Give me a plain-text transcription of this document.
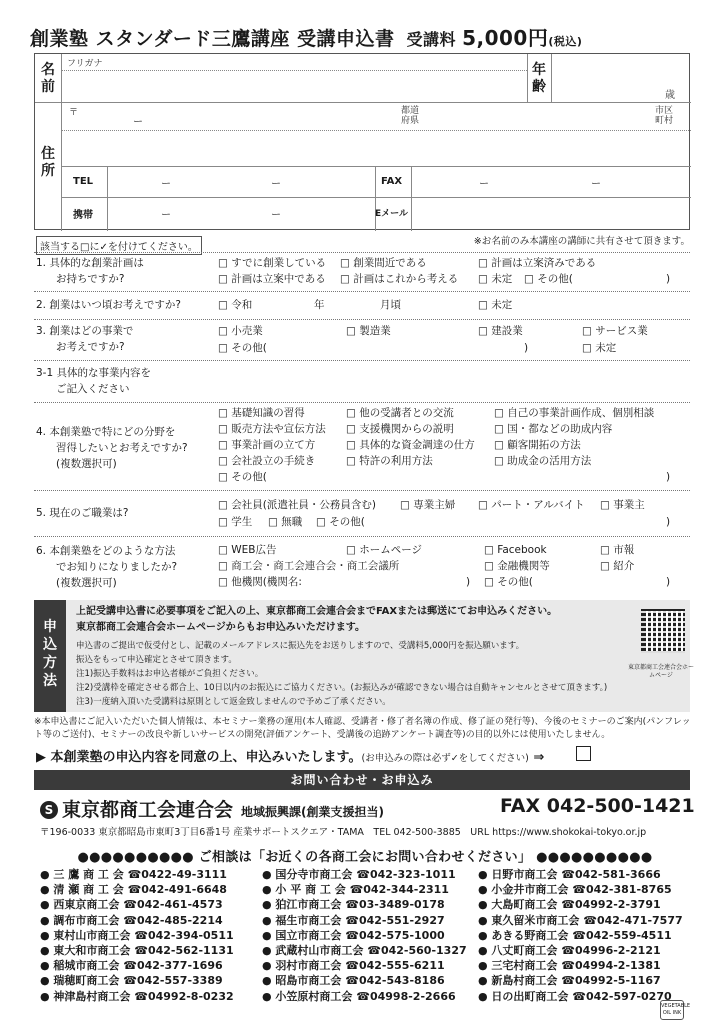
創業塾 スタンダード三鷹講座 受講申込書 受講料 5,000円(税込)
名前
フリガナ	年齢
歳
住所
〒
ー
都道府県
市区町村
TEL	ー	ー	FAX	ー	ー
携帯	ー	ー	Eメール
該当する□に✓を付けてください。
※お名前のみ本講座の講師に共有させて頂きます。
1. 具体的な創業計画は
お持ちですか?
□ すでに創業している □ 創業間近である	□ 計画は立案済みである
□ 計画は立案中である □ 計画はこれから考える □ 未定 □ その他(	)
2. 創業はいつ頃お考えですか?	□ 令和	年	月頃	□ 未定
3. 創業はどの事業で
お考えですか?
□ 小売業	□ 製造業	□ 建設業	□ サービス業
□ その他(	)	□ 未定
3-1 具体的な事業内容を
ご記入ください
4. 本創業塾で特にどの分野を
習得したいとお考えですか?
(複数選択可)
□ 基礎知識の習得	□ 他の受講者との交流	□ 自己の事業計画作成、個別相談
□ 販売方法や宣伝方法 □ 支援機関からの説明	□ 国・都などの助成内容
□ 事業計画の立て方	□ 具体的な資金調達の仕方 □ 顧客開拓の方法
□ 会社設立の手続き	□ 特許の利用方法	□ 助成金の活用方法
□ その他(	)
5. 現在のご職業は?
□ 会社員(派遣社員・公務員含む) □ 専業主婦 □ パート・アルバイト □ 事業主
□ 学生 □ 無職 □ その他(	)
6. 本創業塾をどのような方法
でお知りになりましたか?
(複数選択可)
□ WEB広告	□ ホームページ	□ Facebook	□ 市報
□ 商工会・商工会連合会・商工会議所	□ 金融機関等	□ 紹介
□ 他機関(機関名:	) □ その他(	)
申込方法
上記受講申込書に必要事項をご記入の上、東京都商工会連合会までFAXまたは郵送にてお申込みください。
東京都商工会連合会ホームページからもお申込みいただけます。
申込書のご提出で仮受付とし、記載のメールアドレスに振込先をお送りしますので、受講料5,000円を振込願います。
振込をもって申込確定とさせて頂きます。
注1)振込手数料はお申込者様がご負担ください。
注2)受講枠を確定させる都合上、10日以内のお振込にご協力ください。(お振込みが確認できない場合は自動キャンセルとさせて頂きます。)
注3)一度納入頂いた受講料は原則として返金致しませんので予めご了承ください。
東京都商工会連合会ホームページ
※本申込書にご記入いただいた個人情報は、本セミナー業務の運用(本人確認、受講者・修了者名簿の作成、修了証の発行等)、今後のセミナーのご案内(パンフレット等のご送付)、セミナーの改良や新しいサービスの開発(評価アンケート、受講後の追跡アンケート調査等)の目的以外には使用いたしません。
▶ 本創業塾の申込内容を同意の上、申込みいたします。(お申込みの際は必ず✓をしてください) ⇒
お問い合わせ・お申込み
S 東京都商工会連合会 地域振興課(創業支援担当)	FAX 042-500-1421
〒196-0033 東京都昭島市東町3丁目6番1号 産業サポートスクエア・TAMA　TEL 042-500-3885　URL https://www.shokokai-tokyo.or.jp
●●●●●●●●●● ご相談は「お近くの各商工会にお問い合わせください」 ●●●●●●●●●●
● 三 鷹 商 工 会 ☎0422-49-3111
● 清 瀬 商 工 会 ☎042-491-6648
● 西東京商工会 ☎042-461-4573
● 調布市商工会 ☎042-485-2214
● 東村山市商工会 ☎042-394-0511
● 東大和市商工会 ☎042-562-1131
● 稲城市商工会 ☎042-377-1696
● 瑞穂町商工会 ☎042-557-3389
● 神津島村商工会 ☎04992-8-0232
● 国分寺市商工会 ☎042-323-1011
● 小 平 商 工 会 ☎042-344-2311
● 狛江市商工会 ☎03-3489-0178
● 福生市商工会 ☎042-551-2927
● 国立市商工会 ☎042-575-1000
● 武蔵村山市商工会 ☎042-560-1327
● 羽村市商工会 ☎042-555-6211
● 昭島市商工会 ☎042-543-8186
● 小笠原村商工会 ☎04998-2-2666
● 日野市商工会 ☎042-581-3666
● 小金井市商工会 ☎042-381-8765
● 大島町商工会 ☎04992-2-3791
● 東久留米市商工会 ☎042-471-7577
● あきる野商工会 ☎042-559-4511
● 八丈町商工会 ☎04996-2-2121
● 三宅村商工会 ☎04994-2-1381
● 新島村商工会 ☎04992-5-1167
● 日の出町商工会 ☎042-597-0270
VEGETABLE OIL INK
